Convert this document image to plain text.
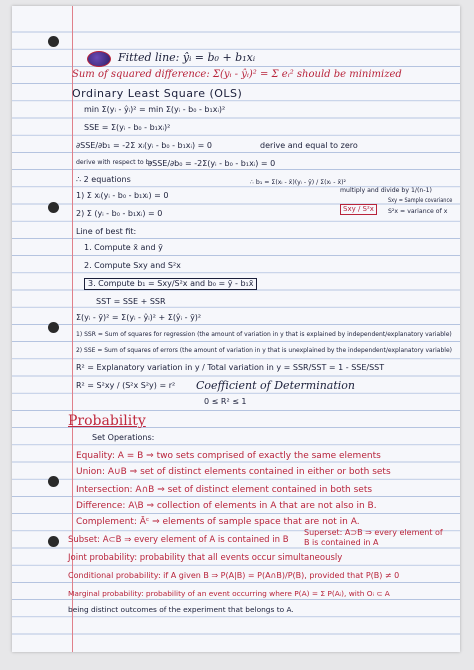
Fitted line: ŷᵢ = b₀ + b₁xᵢ
Sum of squared difference: Σ(yᵢ - ŷᵢ)² = Σ eᵢ² should be minimized
Ordinary Least Square (OLS)
min Σ(yᵢ - ŷᵢ)² = min Σ(yᵢ - b₀ - b₁xᵢ)²
SSE = Σ(yᵢ - b₀ - b₁xᵢ)²
∂SSE/∂b₁ = -2Σ xᵢ(yᵢ - b₀ - b₁xᵢ) = 0	derive and equal to zero
derive with respect to b₀
∂SSE/∂b₀ = -2Σ(yᵢ - b₀ - b₁xᵢ) = 0
∴ 2 equations
1) Σ xᵢ(yᵢ - b₀ - b₁xᵢ) = 0
2) Σ (yᵢ - b₀ - b₁xᵢ) = 0
∴ b₁ = Σ(xᵢ - x̄)(yᵢ - ȳ) / Σ(xᵢ - x̄)²
multiply and divide by 1/(n-1)
Sxy / S²x
Sxy = Sample covariance
S²x = variance of x
Line of best fit:
1. Compute x̄ and ȳ
2. Compute Sxy and S²x
3. Compute b₁ = Sxy/S²x and b₀ = ȳ - b₁x̄
SST = SSE + SSR
Σ(yᵢ - ȳ)² = Σ(yᵢ - ŷᵢ)² + Σ(ŷᵢ - ȳ)²
1) SSR = Sum of squares for regression (the amount of variation in y that is explained by independent/explanatory variable)
2) SSE = Sum of squares of errors (the amount of variation in y that is unexplained by the independent/explanatory variable)
R² = Explanatory variation in y / Total variation in y = SSR/SST = 1 - SSE/SST
R² = S²xy / (S²x S²y) = r² Coefficient of Determination
0 ≤ R² ≤ 1
Probability
Set Operations:
Equality: A = B ⇒ two sets comprised of exactly the same elements
Union: A∪B ⇒ set of distinct elements contained in either or both sets
Intersection: A∩B ⇒ set of distinct element contained in both sets
Difference: A\B ⇒ collection of elements in A that are not also in B.
Complement: Āᶜ ⇒ elements of sample space that are not in A.
Subset: A⊂B ⇒ every element of A is contained in B
Superset: A⊃B ⇒ every element of B is contained in A
Joint probability: probability that all events occur simultaneously
Conditional probability: if A given B ⇒ P(A|B) = P(A∩B)/P(B), provided that P(B) ≠ 0
Marginal probability: probability of an event occurring where P(A) = Σ P(Aᵢ), with Oᵢ ⊂ A
being distinct outcomes of the experiment that belongs to A.
